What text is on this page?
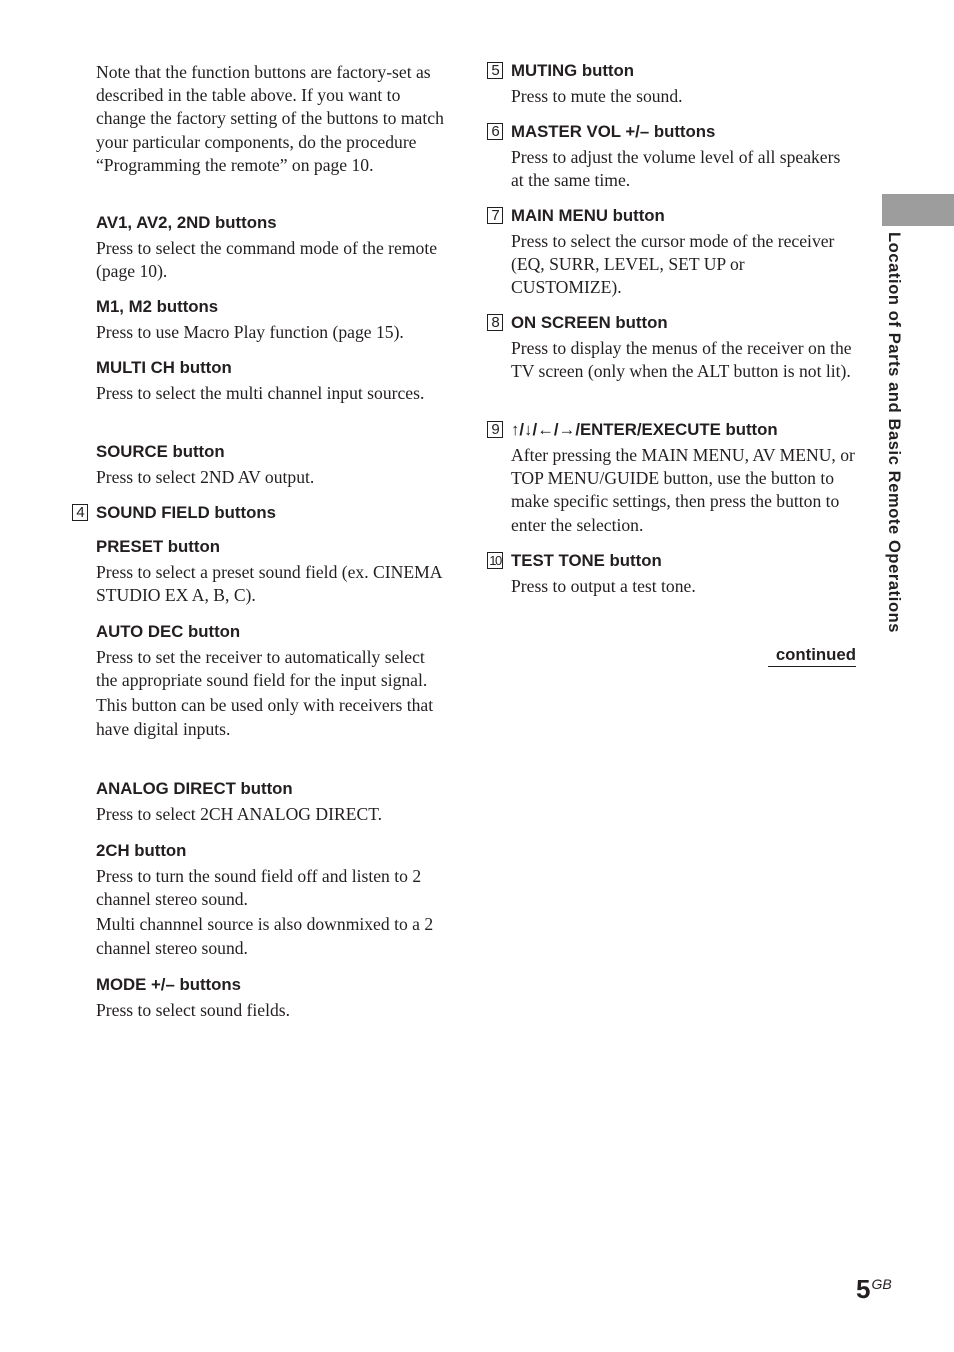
Location of Parts and Basic Remote Operations

Note that the function buttons are factory-set as described in the table above. If you want to change the factory setting of the buttons to match your particular components, do the procedure “Programming the remote” on page 10.

AV1, AV2, 2ND buttons

Press to select the command mode of the remote (page 10).

M1, M2 buttons

Press to use Macro Play function (page 15).

MULTI CH button

Press to select the multi channel input sources.

SOURCE button

Press to select 2ND AV output.

4 SOUND FIELD buttons
PRESET button

Press to select a preset sound field (ex. CINEMA STUDIO EX A, B, C).

AUTO DEC button

Press to set the receiver to automatically select the appropriate sound field for the input signal.

This button can be used only with receivers that have digital inputs.

ANALOG DIRECT button

Press to select 2CH ANALOG DIRECT.

2CH button

Press to turn the sound field off and listen to 2 channel stereo sound.

Multi channnel source is also downmixed to a 2 channel stereo sound.

MODE +/– buttons

Press to select sound fields.

5 MUTING button

Press to mute the sound.

6 MASTER VOL +/– buttons

Press to adjust the volume level of all speakers at the same time.

7 MAIN MENU button

Press to select the cursor mode of the receiver (EQ, SURR, LEVEL, SET UP or CUSTOMIZE).

8 ON SCREEN button

Press to display the menus of the receiver on the TV screen (only when the ALT button is not lit).

9 ↑/↓/←/→/ENTER/EXECUTE button

After pressing the MAIN MENU, AV MENU, or TOP MENU/GUIDE button, use the button to make specific settings, then press the button to enter the selection.

10 TEST TONE button

Press to output a test tone.

continued
$5^{GB}$
